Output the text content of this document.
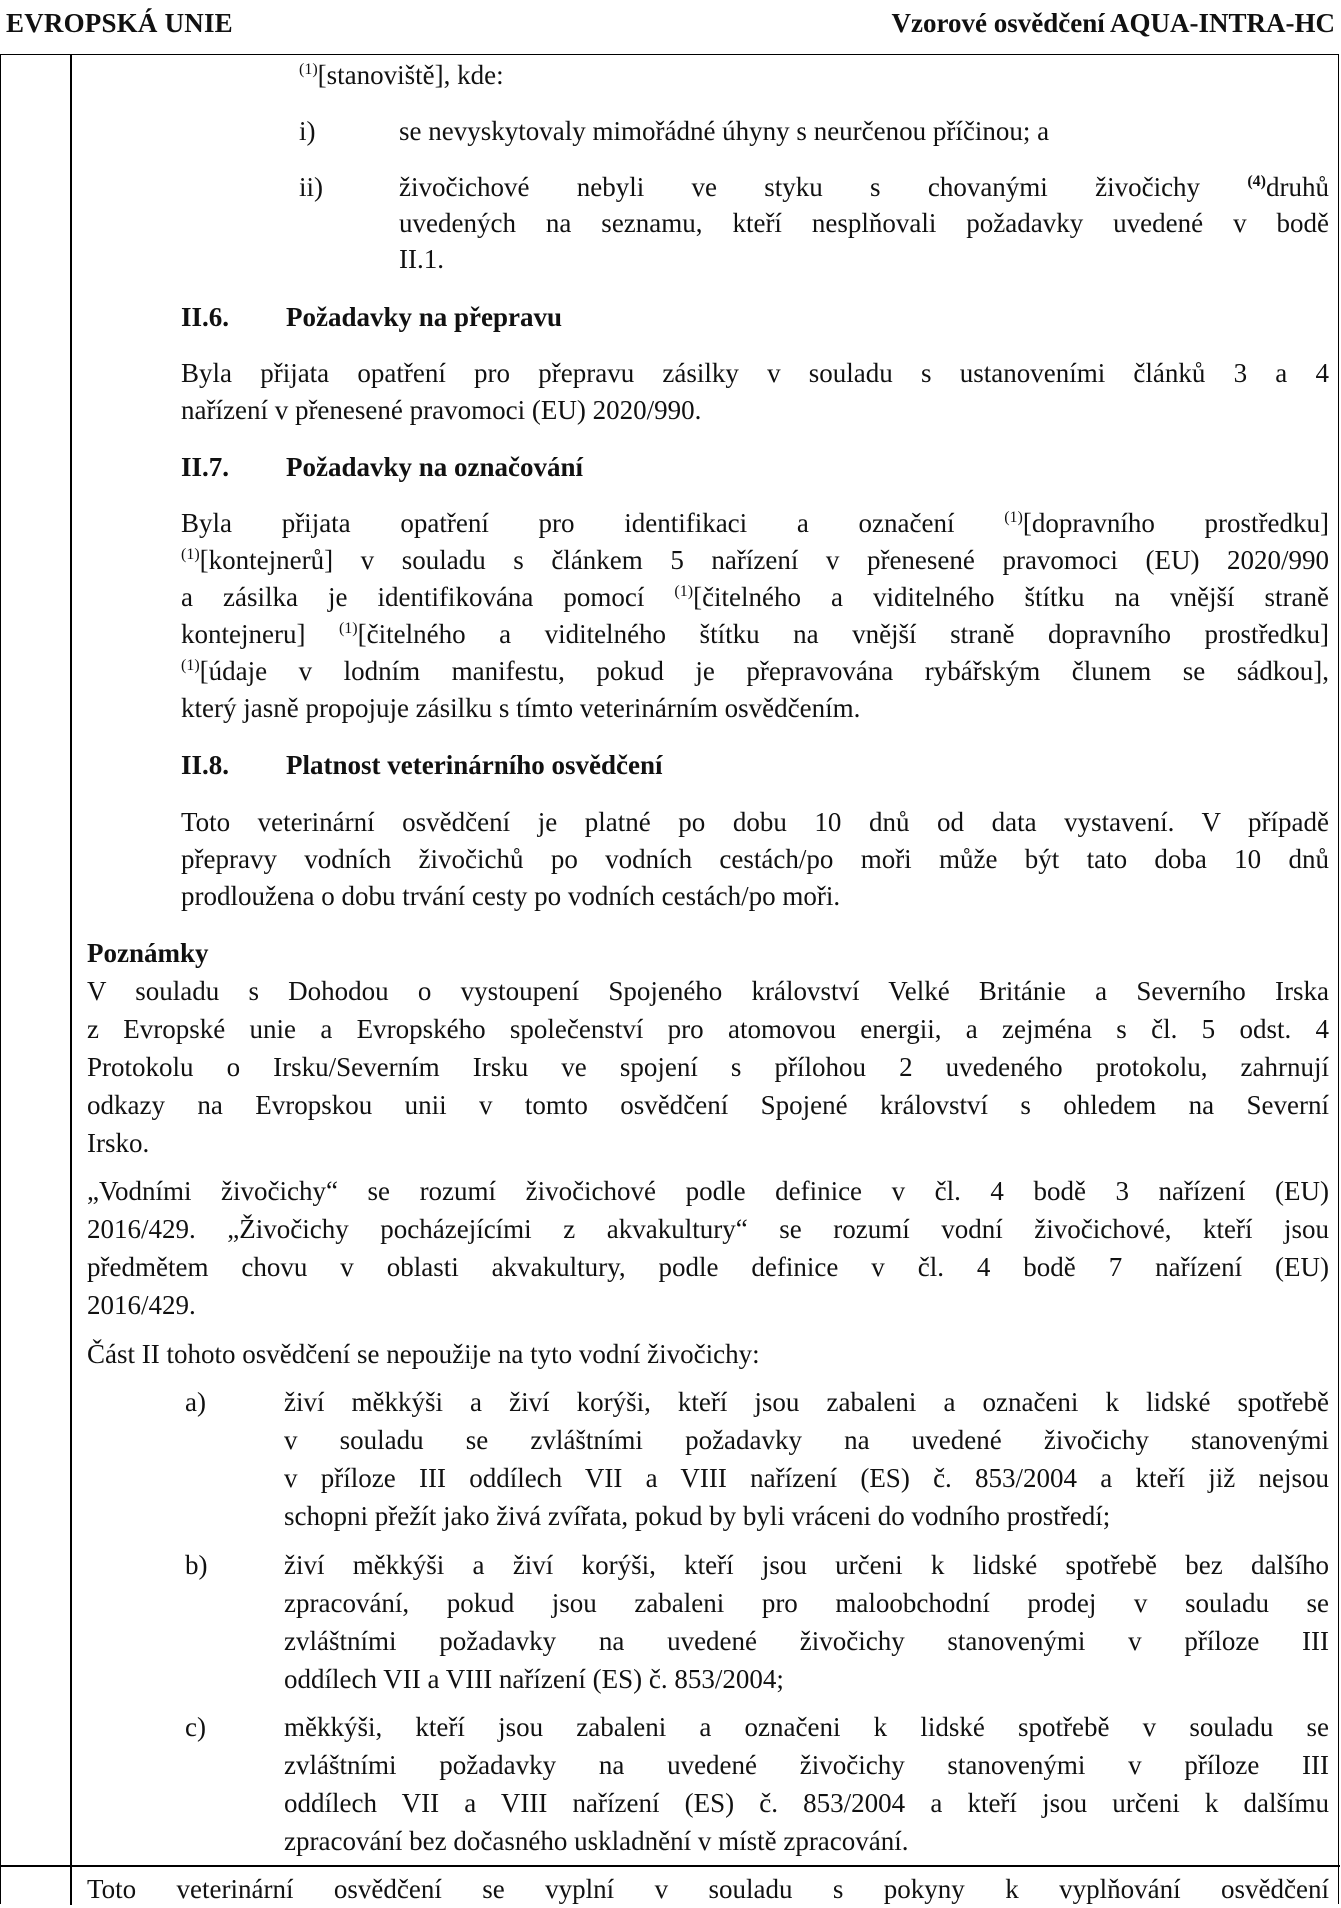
EVROPSKÁ UNIE	Vzorové osvědčení AQUA-INTRA-HC
$^{(1)}$[stanoviště], kde:
i)	se nevyskytovaly mimořádné úhyny s neurčenou příčinou; a
ii)	živočichové nebyli ve styku s chovanými živočichy $^{(4)}$druhů
uvedených na seznamu, kteří nesplňovali požadavky uvedené v bodě
II.1.
II.6. Požadavky na přepravu
Byla přijata opatření pro přepravu zásilky v souladu s ustanoveními článků 3 a 4
nařízení v přenesené pravomoci (EU) 2020/990.
II.7. Požadavky na označování
Byla přijata opatření pro identifikaci a označení $^{(1)}$[dopravního prostředku]
$^{(1)}$[kontejnerů] v souladu s článkem 5 nařízení v přenesené pravomoci (EU) 2020/990
a zásilka je identifikována pomocí $^{(1)}$[čitelného a viditelného štítku na vnější straně
kontejneru] $^{(1)}$[čitelného a viditelného štítku na vnější straně dopravního prostředku]
$^{(1)}$[údaje v lodním manifestu, pokud je přepravována rybářským člunem se sádkou],
který jasně propojuje zásilku s tímto veterinárním osvědčením.
II.8. Platnost veterinárního osvědčení
Toto veterinární osvědčení je platné po dobu 10 dnů od data vystavení. V případě
přepravy vodních živočichů po vodních cestách/po moři může být tato doba 10 dnů
prodloužena o dobu trvání cesty po vodních cestách/po moři.
Poznámky
V souladu s Dohodou o vystoupení Spojeného království Velké Británie a Severního Irska
z Evropské unie a Evropského společenství pro atomovou energii, a zejména s čl. 5 odst. 4
Protokolu o Irsku/Severním Irsku ve spojení s přílohou 2 uvedeného protokolu, zahrnují
odkazy na Evropskou unii v tomto osvědčení Spojené království s ohledem na Severní
Irsko.
„Vodními živočichy“ se rozumí živočichové podle definice v čl. 4 bodě 3 nařízení (EU)
2016/429. „Živočichy pocházejícími z akvakultury“ se rozumí vodní živočichové, kteří jsou
předmětem chovu v oblasti akvakultury, podle definice v čl. 4 bodě 7 nařízení (EU)
2016/429.
Část II tohoto osvědčení se nepoužije na tyto vodní živočichy:
a)	živí měkkýši a živí korýši, kteří jsou zabaleni a označeni k lidské spotřebě
v souladu se zvláštními požadavky na uvedené živočichy stanovenými
v příloze III oddílech VII a VIII nařízení (ES) č. 853/2004 a kteří již nejsou
schopni přežít jako živá zvířata, pokud by byli vráceni do vodního prostředí;
b)	živí měkkýši a živí korýši, kteří jsou určeni k lidské spotřebě bez dalšího
zpracování, pokud jsou zabaleni pro maloobchodní prodej v souladu se
zvláštními požadavky na uvedené živočichy stanovenými v příloze III
oddílech VII a VIII nařízení (ES) č. 853/2004;
c)	měkkýši, kteří jsou zabaleni a označeni k lidské spotřebě v souladu se
zvláštními požadavky na uvedené živočichy stanovenými v příloze III
oddílech VII a VIII nařízení (ES) č. 853/2004 a kteří jsou určeni k dalšímu
zpracování bez dočasného uskladnění v místě zpracování.
Toto veterinární osvědčení se vyplní v souladu s pokyny k vyplňování osvědčení
